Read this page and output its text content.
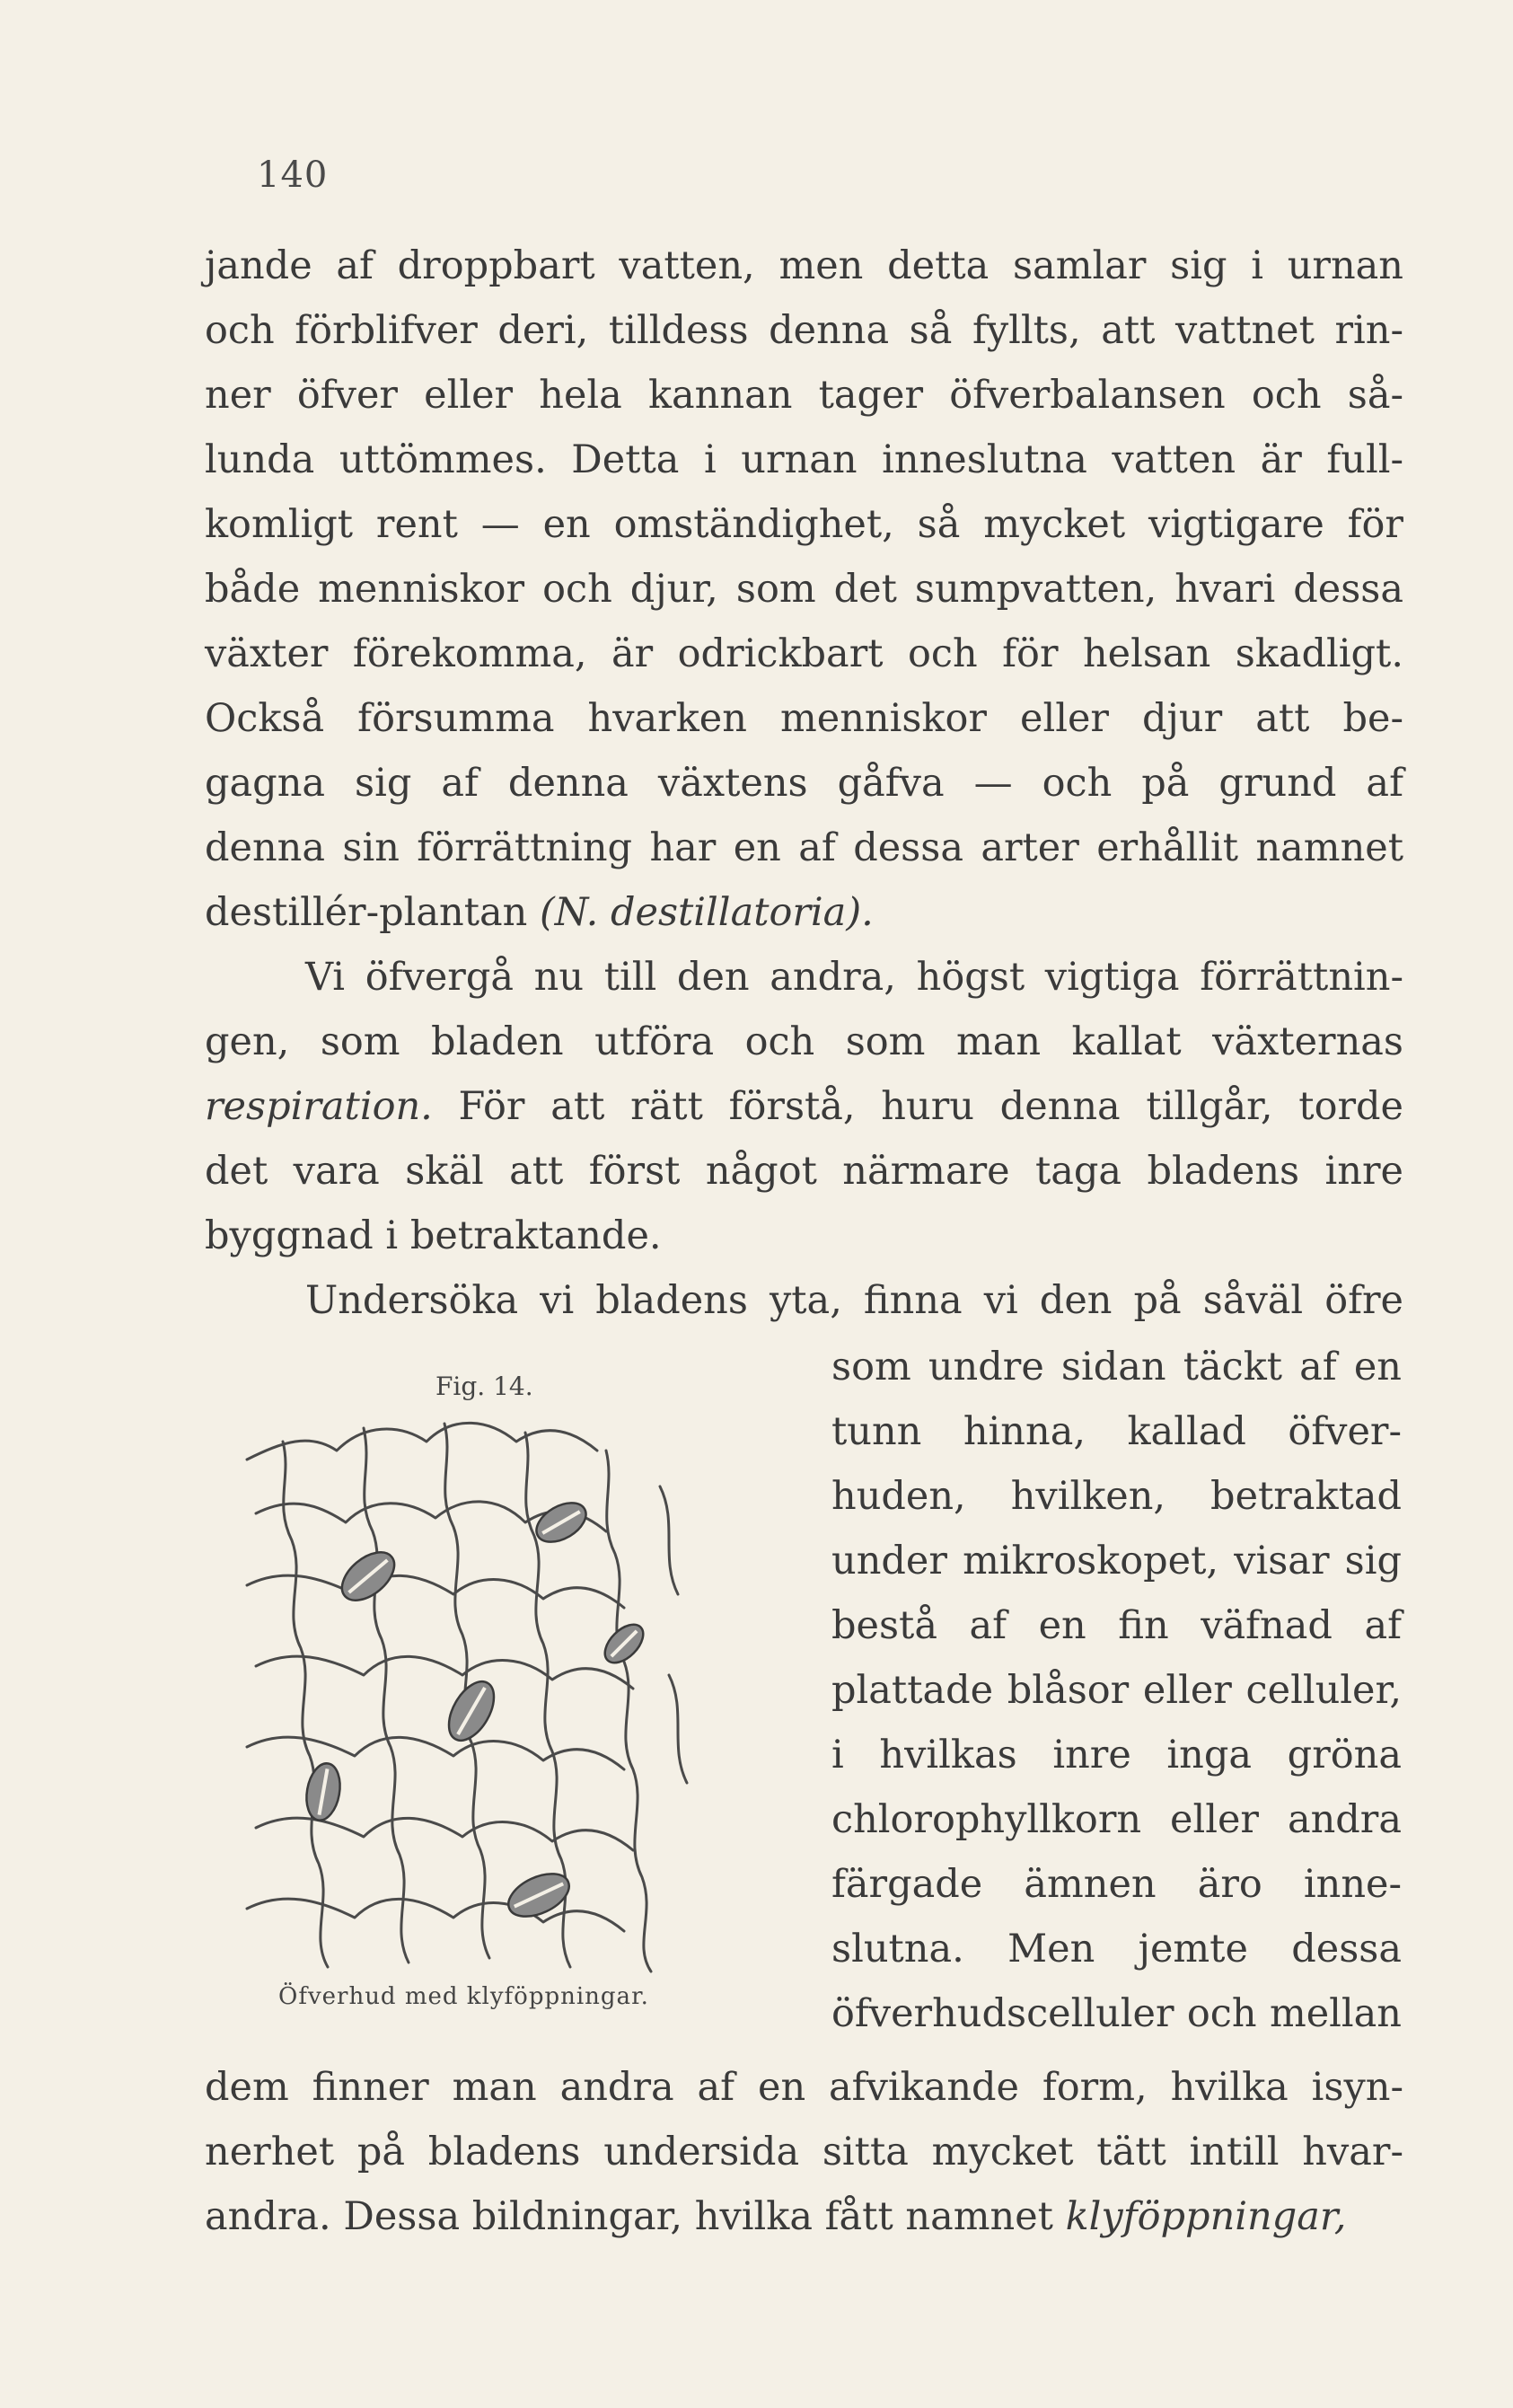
140
jande af droppbart vatten, men detta samlar sig i urnan
och förblifver deri, tilldess denna så fyllts, att vattnet rin-
ner öfver eller hela kannan tager öfverbalansen och så-
lunda uttömmes. Detta i urnan inneslutna vatten är full-
komligt rent — en omständighet, så mycket vigtigare för
både menniskor och djur, som det sumpvatten, hvari dessa
växter förekomma, är odrickbart och för helsan skadligt.
Också försumma hvarken menniskor eller djur att be-
gagna sig af denna växtens gåfva — och på grund af
denna sin förrättning har en af dessa arter erhållit namnet
destillér-plantan (N. destillatoria).
Vi öfvergå nu till den andra, högst vigtiga förrättnin-
gen, som bladen utföra och som man kallat växternas
respiration. För att rätt förstå, huru denna tillgår, torde
det vara skäl att först något närmare taga bladens inre
byggnad i betraktande.
Undersöka vi bladens yta, finna vi den på såväl öfre
som undre sidan täckt af en
tunn hinna, kallad öfver-
huden, hvilken, betraktad
under mikroskopet, visar sig
bestå af en fin väfnad af
plattade blåsor eller celluler,
i hvilkas inre inga gröna
chlorophyllkorn eller andra
färgade ämnen äro inne-
slutna. Men jemte dessa
öfverhudscelluler och mellan
dem finner man andra af en afvikande form, hvilka isyn-
nerhet på bladens undersida sitta mycket tätt intill hvar-
andra. Dessa bildningar, hvilka fått namnet klyföppningar,
Fig. 14.
Öfverhud med klyföppningar.
